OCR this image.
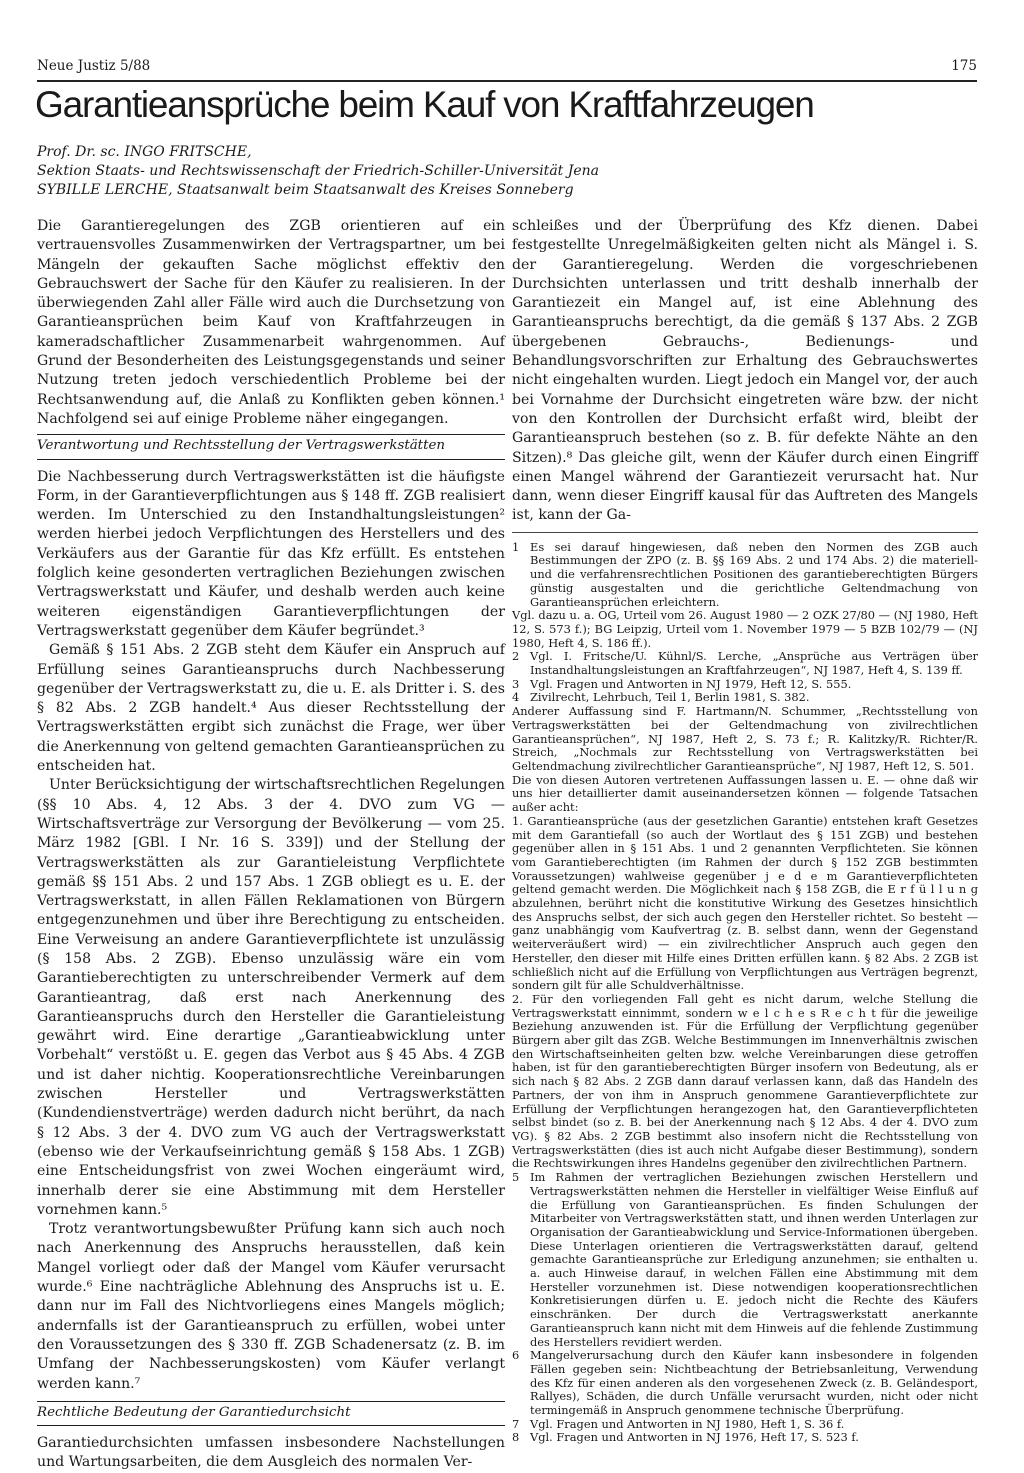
Neue Justiz 5/88	175
Garantieansprüche beim Kauf von Kraftfahrzeugen
Prof. Dr. sc. INGO FRITSCHE,
Sektion Staats- und Rechtswissenschaft der Friedrich-Schiller-Universität Jena
SYBILLE LERCHE, Staatsanwalt beim Staatsanwalt des Kreises Sonneberg

Die Garantieregelungen des ZGB orientieren auf ein vertrauensvolles Zusammenwirken der Vertragspartner, um bei Mängeln der gekauften Sache möglichst effektiv den Gebrauchswert der Sache für den Käufer zu realisieren. In der überwiegenden Zahl aller Fälle wird auch die Durchsetzung von Garantieansprüchen beim Kauf von Kraftfahrzeugen in kameradschaftlicher Zusammenarbeit wahrgenommen. Auf Grund der Besonderheiten des Leistungsgegenstands und seiner Nutzung treten jedoch verschiedentlich Probleme bei der Rechtsanwendung auf, die Anlaß zu Konflikten geben können.¹ Nachfolgend sei auf einige Probleme näher eingegangen.

Verantwortung und Rechtsstellung der Vertragswerkstätten

Die Nachbesserung durch Vertragswerkstätten ist die häufigste Form, in der Garantieverpflichtungen aus § 148 ff. ZGB realisiert werden. Im Unterschied zu den Instandhaltungsleistungen² werden hierbei jedoch Verpflichtungen des Herstellers und des Verkäufers aus der Garantie für das Kfz erfüllt. Es entstehen folglich keine gesonderten vertraglichen Beziehungen zwischen Vertragswerkstatt und Käufer, und deshalb werden auch keine weiteren eigenständigen Garantieverpflichtungen der Vertragswerkstatt gegenüber dem Käufer begründet.³

Gemäß § 151 Abs. 2 ZGB steht dem Käufer ein Anspruch auf Erfüllung seines Garantieanspruchs durch Nachbesserung gegenüber der Vertragswerkstatt zu, die u. E. als Dritter i. S. des § 82 Abs. 2 ZGB handelt.⁴ Aus dieser Rechtsstellung der Vertragswerkstätten ergibt sich zunächst die Frage, wer über die Anerkennung von geltend gemachten Garantieansprüchen zu entscheiden hat.

Unter Berücksichtigung der wirtschaftsrechtlichen Regelungen (§§ 10 Abs. 4, 12 Abs. 3 der 4. DVO zum VG — Wirtschaftsverträge zur Versorgung der Bevölkerung — vom 25. März 1982 [GBl. I Nr. 16 S. 339]) und der Stellung der Vertragswerkstätten als zur Garantieleistung Verpflichtete gemäß §§ 151 Abs. 2 und 157 Abs. 1 ZGB obliegt es u. E. der Vertragswerkstatt, in allen Fällen Reklamationen von Bürgern entgegenzunehmen und über ihre Berechtigung zu entscheiden. Eine Verweisung an andere Garantieverpflichtete ist unzulässig (§ 158 Abs. 2 ZGB). Ebenso unzulässig wäre ein vom Garantieberechtigten zu unterschreibender Vermerk auf dem Garantieantrag, daß erst nach Anerkennung des Garantieanspruchs durch den Hersteller die Garantieleistung gewährt wird. Eine derartige „Garantieabwicklung unter Vorbehalt“ verstößt u. E. gegen das Verbot aus § 45 Abs. 4 ZGB und ist daher nichtig. Kooperationsrechtliche Vereinbarungen zwischen Hersteller und Vertragswerkstätten (Kundendienstverträge) werden dadurch nicht berührt, da nach § 12 Abs. 3 der 4. DVO zum VG auch der Vertragswerkstatt (ebenso wie der Verkaufseinrichtung gemäß § 158 Abs. 1 ZGB) eine Entscheidungsfrist von zwei Wochen eingeräumt wird, innerhalb derer sie eine Abstimmung mit dem Hersteller vornehmen kann.⁵

Trotz verantwortungsbewußter Prüfung kann sich auch noch nach Anerkennung des Anspruchs herausstellen, daß kein Mangel vorliegt oder daß der Mangel vom Käufer verursacht wurde.⁶ Eine nachträgliche Ablehnung des Anspruchs ist u. E. dann nur im Fall des Nichtvorliegens eines Mangels möglich; andernfalls ist der Garantieanspruch zu erfüllen, wobei unter den Voraussetzungen des § 330 ff. ZGB Schadenersatz (z. B. im Umfang der Nachbesserungskosten) vom Käufer verlangt werden kann.⁷

Rechtliche Bedeutung der Garantiedurchsicht

Garantiedurchsichten umfassen insbesondere Nachstellungen und Wartungsarbeiten, die dem Ausgleich des normalen Ver-

schleißes und der Überprüfung des Kfz dienen. Dabei festgestellte Unregelmäßigkeiten gelten nicht als Mängel i. S. der Garantieregelung. Werden die vorgeschriebenen Durchsichten unterlassen und tritt deshalb innerhalb der Garantiezeit ein Mangel auf, ist eine Ablehnung des Garantieanspruchs berechtigt, da die gemäß § 137 Abs. 2 ZGB übergebenen Gebrauchs-, Bedienungs- und Behandlungsvorschriften zur Erhaltung des Gebrauchswertes nicht eingehalten wurden. Liegt jedoch ein Mangel vor, der auch bei Vornahme der Durchsicht eingetreten wäre bzw. der nicht von den Kontrollen der Durchsicht erfaßt wird, bleibt der Garantieanspruch bestehen (so z. B. für defekte Nähte an den Sitzen).⁸ Das gleiche gilt, wenn der Käufer durch einen Eingriff einen Mangel während der Garantiezeit verursacht hat. Nur dann, wenn dieser Eingriff kausal für das Auftreten des Mangels ist, kann der Ga-

1 Es sei darauf hingewiesen, daß neben den Normen des ZGB auch Bestimmungen der ZPO (z. B. §§ 169 Abs. 2 und 174 Abs. 2) die materiell- und die verfahrensrechtlichen Positionen des garantieberechtigten Bürgers günstig ausgestalten und die gerichtliche Geltendmachung von Garantieansprüchen erleichtern.

Vgl. dazu u. a. OG, Urteil vom 26. August 1980 — 2 OZK 27/80 — (NJ 1980, Heft 12, S. 573 f.); BG Leipzig, Urteil vom 1. November 1979 — 5 BZB 102/79 — (NJ 1980, Heft 4, S. 186 ff.).

2 Vgl. I. Fritsche/U. Kühnl/S. Lerche, „Ansprüche aus Verträgen über Instandhaltungsleistungen an Kraftfahrzeugen“, NJ 1987, Heft 4, S. 139 ff.
3 Vgl. Fragen und Antworten in NJ 1979, Heft 12, S. 555.
4 Zivilrecht, Lehrbuch, Teil 1, Berlin 1981, S. 382.

Anderer Auffassung sind F. Hartmann/N. Schummer, „Rechtsstellung von Vertragswerkstätten bei der Geltendmachung von zivilrechtlichen Garantieansprüchen“, NJ 1987, Heft 2, S. 73 f.; R. Kalitzky/R. Richter/R. Streich, „Nochmals zur Rechtsstellung von Vertragswerkstätten bei Geltendmachung zivilrechtlicher Garantieansprüche“, NJ 1987, Heft 12, S. 501.

Die von diesen Autoren vertretenen Auffassungen lassen u. E. — ohne daß wir uns hier detaillierter damit auseinandersetzen können — folgende Tatsachen außer acht:

1. Garantieansprüche (aus der gesetzlichen Garantie) entstehen kraft Gesetzes mit dem Garantiefall (so auch der Wortlaut des § 151 ZGB) und bestehen gegenüber allen in § 151 Abs. 1 und 2 genannten Verpflichteten. Sie können vom Garantieberechtigten (im Rahmen der durch § 152 ZGB bestimmten Voraussetzungen) wahlweise gegenüber j e d e m Garantieverpflichteten geltend gemacht werden. Die Möglichkeit nach § 158 ZGB, die E r f ü l l u n g abzulehnen, berührt nicht die konstitutive Wirkung des Gesetzes hinsichtlich des Anspruchs selbst, der sich auch gegen den Hersteller richtet. So besteht — ganz unabhängig vom Kaufvertrag (z. B. selbst dann, wenn der Gegenstand weiterveräußert wird) — ein zivilrechtlicher Anspruch auch gegen den Hersteller, den dieser mit Hilfe eines Dritten erfüllen kann. § 82 Abs. 2 ZGB ist schließlich nicht auf die Erfüllung von Verpflichtungen aus Verträgen begrenzt, sondern gilt für alle Schuldverhältnisse.

2. Für den vorliegenden Fall geht es nicht darum, welche Stellung die Vertragswerkstatt einnimmt, sondern w e l c h e s R e c h t für die jeweilige Beziehung anzuwenden ist. Für die Erfüllung der Verpflichtung gegenüber Bürgern aber gilt das ZGB. Welche Bestimmungen im Innenverhältnis zwischen den Wirtschaftseinheiten gelten bzw. welche Vereinbarungen diese getroffen haben, ist für den garantieberechtigten Bürger insofern von Bedeutung, als er sich nach § 82 Abs. 2 ZGB dann darauf verlassen kann, daß das Handeln des Partners, der von ihm in Anspruch genommene Garantieverpflichtete zur Erfüllung der Verpflichtungen herangezogen hat, den Garantieverpflichteten selbst bindet (so z. B. bei der Anerkennung nach § 12 Abs. 4 der 4. DVO zum VG). § 82 Abs. 2 ZGB bestimmt also insofern nicht die Rechtsstellung von Vertragswerkstätten (dies ist auch nicht Aufgabe dieser Bestimmung), sondern die Rechtswirkungen ihres Handelns gegenüber den zivilrechtlichen Partnern.

5 Im Rahmen der vertraglichen Beziehungen zwischen Herstellern und Vertragswerkstätten nehmen die Hersteller in vielfältiger Weise Einfluß auf die Erfüllung von Garantieansprüchen. Es finden Schulungen der Mitarbeiter von Vertragswerkstätten statt, und ihnen werden Unterlagen zur Organisation der Garantieabwicklung und Service-Informationen übergeben. Diese Unterlagen orientieren die Vertragswerkstätten darauf, geltend gemachte Garantieansprüche zur Erledigung anzunehmen; sie enthalten u. a. auch Hinweise darauf, in welchen Fällen eine Abstimmung mit dem Hersteller vorzunehmen ist. Diese notwendigen kooperationsrechtlichen Konkretisierungen dürfen u. E. jedoch nicht die Rechte des Käufers einschränken. Der durch die Vertragswerkstatt anerkannte Garantieanspruch kann nicht mit dem Hinweis auf die fehlende Zustimmung des Herstellers revidiert werden.
6 Mangelverursachung durch den Käufer kann insbesondere in folgenden Fällen gegeben sein: Nichtbeachtung der Betriebsanleitung, Verwendung des Kfz für einen anderen als den vorgesehenen Zweck (z. B. Geländesport, Rallyes), Schäden, die durch Unfälle verursacht wurden, nicht oder nicht termingemäß in Anspruch genommene technische Überprüfung.
7 Vgl. Fragen und Antworten in NJ 1980, Heft 1, S. 36 f.
8 Vgl. Fragen und Antworten in NJ 1976, Heft 17, S. 523 f.
